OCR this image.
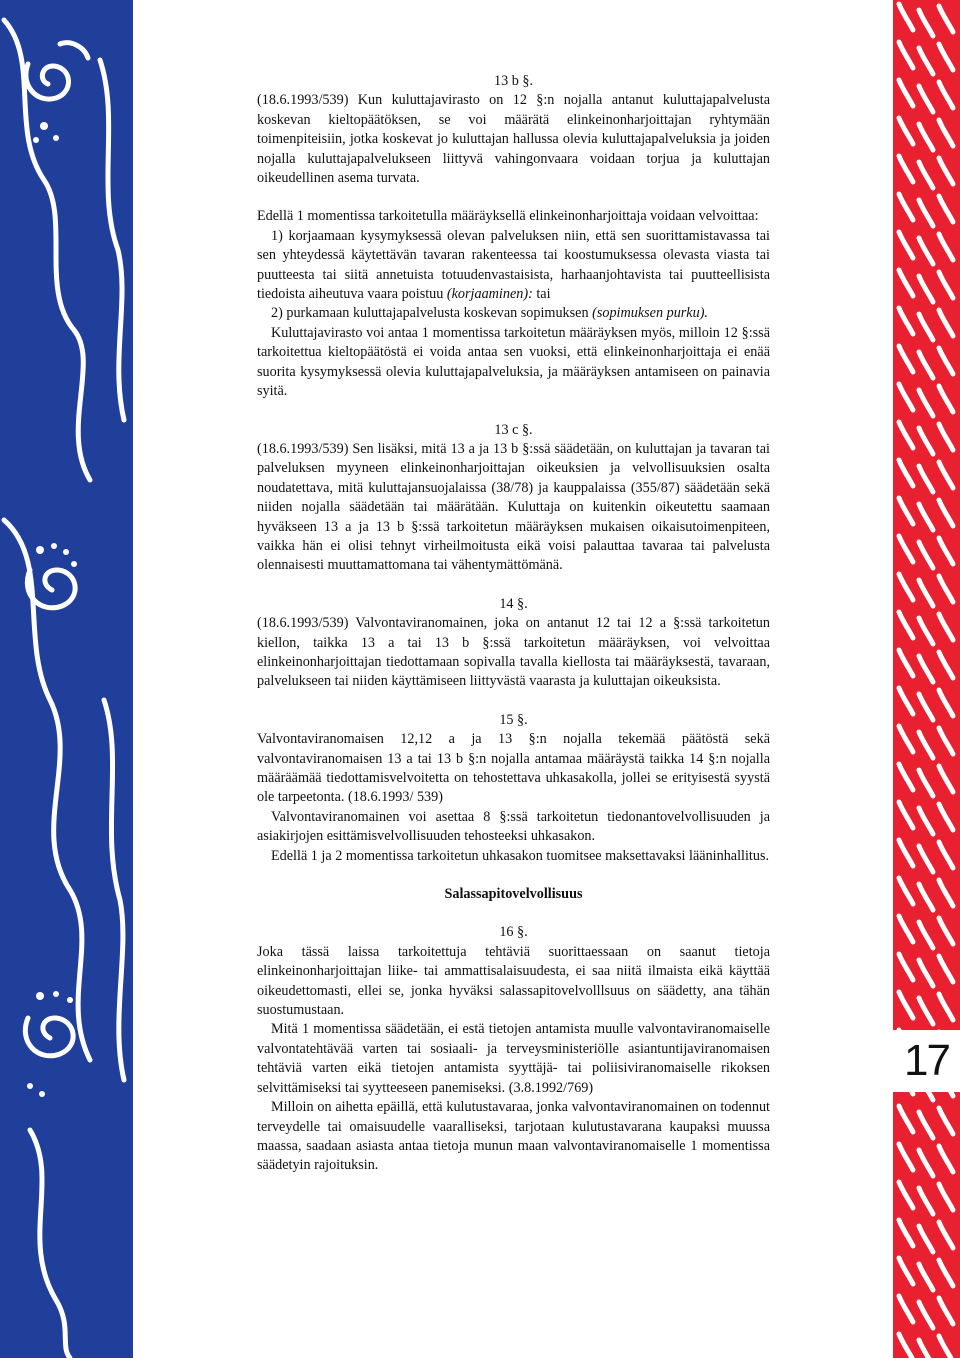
17

13 b §.

(18.6.1993/539) Kun kuluttajavirasto on 12 §:n nojalla antanut kuluttajapalvelusta koskevan kieltopäätöksen, se voi määrätä elinkeinonharjoittajan ryhtymään toimenpiteisiin, jotka koskevat jo kuluttajan hallussa olevia kuluttajapalveluksia ja joiden nojalla kuluttajapalvelukseen liittyvä vahingonvaara voidaan torjua ja kuluttajan oikeudellinen asema turvata.

Edellä 1 momentissa tarkoitetulla määräyksellä elinkeinonharjoittaja voidaan velvoittaa:

1) korjaamaan kysymyksessä olevan palveluksen niin, että sen suorittamistavassa tai sen yhteydessä käytettävän tavaran rakenteessa tai koostumuksessa olevasta viasta tai puutteesta tai siitä annetuista totuudenvastaisista, harhaanjohtavista tai puutteellisista tiedoista aiheutuva vaara poistuu (korjaaminen): tai

2) purkamaan kuluttajapalvelusta koskevan sopimuksen (sopimuksen purku).

Kuluttajavirasto voi antaa 1 momentissa tarkoitetun määräyksen myös, milloin 12 §:ssä tarkoitettua kieltopäätöstä ei voida antaa sen vuoksi, että elinkeinonharjoittaja ei enää suorita kysymyksessä olevia kuluttajapalveluksia, ja määräyksen antamiseen on painavia syitä.

13 c §.

(18.6.1993/539) Sen lisäksi, mitä 13 a ja 13 b §:ssä säädetään, on kuluttajan ja tavaran tai palveluksen myyneen elinkeinonharjoittajan oikeuksien ja velvollisuuksien osalta noudatettava, mitä kuluttajansuojalaissa (38/78) ja kauppalaissa (355/87) säädetään sekä niiden nojalla säädetään tai määrätään. Kuluttaja on kuitenkin oikeutettu saamaan hyväkseen 13 a ja 13 b §:ssä tarkoitetun määräyksen mukaisen oikaisutoimenpiteen, vaikka hän ei olisi tehnyt virheilmoitusta eikä voisi palauttaa tavaraa tai palvelusta olennaisesti muuttamattomana tai vähentymättömänä.

14 §.

(18.6.1993/539) Valvontaviranomainen, joka on antanut 12 tai 12 a §:ssä tarkoitetun kiellon, taikka 13 a tai 13 b §:ssä tarkoitetun määräyksen, voi velvoittaa elinkeinonharjoittajan tiedottamaan sopivalla tavalla kiellosta tai määräyksestä, tavaraan, palvelukseen tai niiden käyttämiseen liittyvästä vaarasta ja kuluttajan oikeuksista.

15 §.

Valvontaviranomaisen 12,12 a ja 13 §:n nojalla tekemää päätöstä sekä valvontaviranomaisen 13 a tai 13 b §:n nojalla antamaa määräystä taikka 14 §:n nojalla määräämää tiedottamisvelvoitetta on tehostettava uhkasakolla, jollei se erityisestä syystä ole tarpeetonta. (18.6.1993/ 539)

Valvontaviranomainen voi asettaa 8 §:ssä tarkoitetun tiedonantovelvollisuuden ja asiakirjojen esittämisvelvollisuuden tehosteeksi uhkasakon.

Edellä 1 ja 2 momentissa tarkoitetun uhkasakon tuomitsee maksettavaksi lääninhallitus.

Salassapitovelvollisuus

16 §.

Joka tässä laissa tarkoitettuja tehtäviä suorittaessaan on saanut tietoja elinkeinonharjoittajan liike- tai ammattisalaisuudesta, ei saa niitä ilmaista eikä käyttää oikeudettomasti, ellei se, jonka hyväksi salassapitovelvolllsuus on säädetty, ana tähän suostumustaan.

Mitä 1 momentissa säädetään, ei estä tietojen antamista muulle valvontaviranomaiselle valvontatehtävää varten tai sosiaali- ja terveysministeriölle asiantuntijaviranomaisen tehtäviä varten eikä tietojen antamista syyttäjä- tai poliisiviranomaiselle rikoksen selvittämiseksi tai syytteeseen panemiseksi. (3.8.1992/769)

Milloin on aihetta epäillä, että kulutustavaraa, jonka valvontaviranomainen on todennut terveydelle tai omaisuudelle vaaralliseksi, tarjotaan kulutustavarana kaupaksi muussa maassa, saadaan asiasta antaa tietoja munun maan valvontaviranomaiselle 1 momentissa säädetyin rajoituksin.
